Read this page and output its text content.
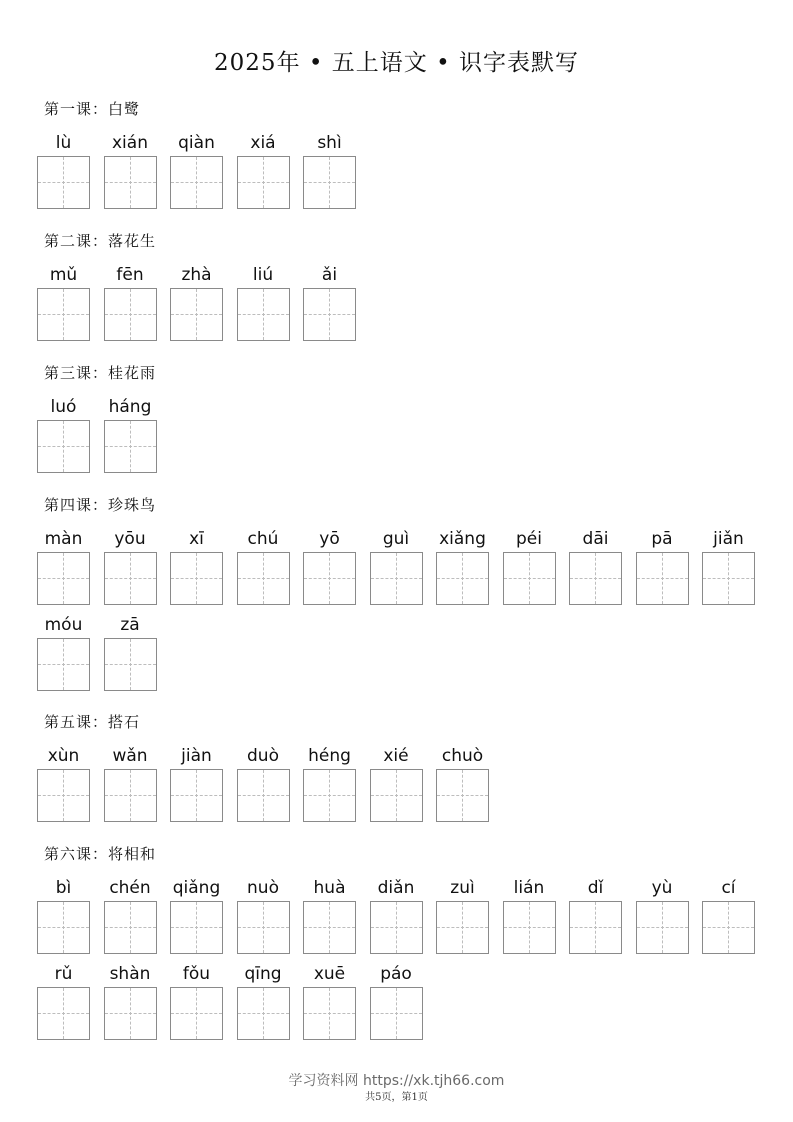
2025年 • 五上语文 • 识字表默写
第一课：白鹭
lù	xián	qiàn	xiá	shì
第二课：落花生
mǔ	fēn	zhà	liú	ǎi
第三课：桂花雨
luó	háng
第四课：珍珠鸟
màn	yōu	xī	chú	yō	guì	xiǎng	péi	dāi	pā	jiǎn
móu	zā
第五课：搭石
xùn	wǎn	jiàn	duò	héng	xié	chuò
第六课：将相和
bì	chén	qiǎng	nuò	huà	diǎn	zuì	lián	dǐ	yù	cí
rǔ	shàn	fǒu	qīng	xuē	páo
学习资料网 https://xk.tjh66.com
共5页，第1页
